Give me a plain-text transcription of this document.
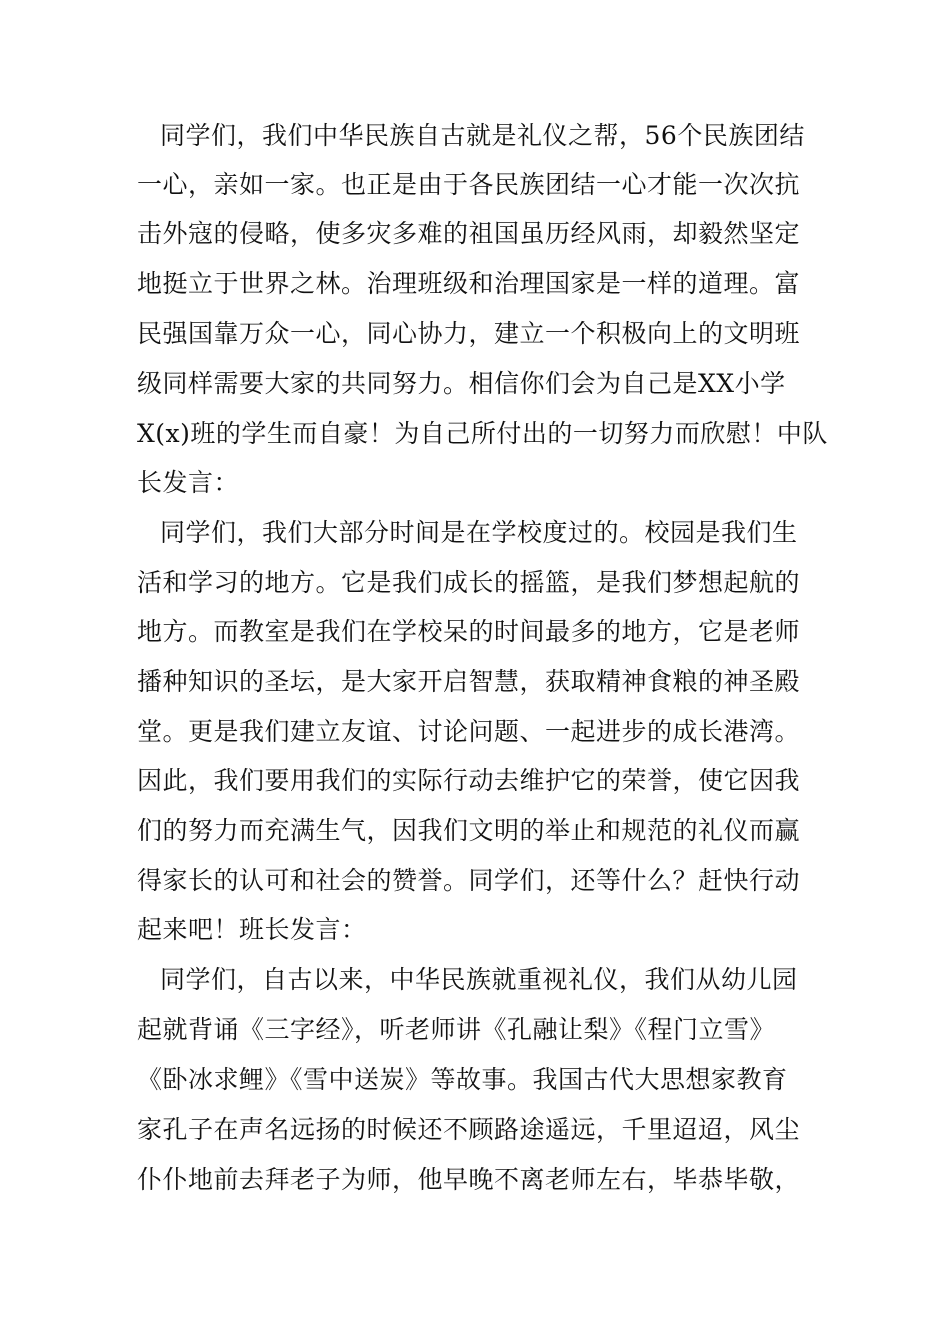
同学们，我们中华民族自古就是礼仪之帮，56个民族团结
一心，亲如一家。也正是由于各民族团结一心才能一次次抗
击外寇的侵略，使多灾多难的祖国虽历经风雨，却毅然坚定
地挺立于世界之林。治理班级和治理国家是一样的道理。富
民强国靠万众一心，同心协力，建立一个积极向上的文明班
级同样需要大家的共同努力。相信你们会为自己是XX小学
X(x)班的学生而自豪！为自己所付出的一切努力而欣慰！中队
长发言：
同学们，我们大部分时间是在学校度过的。校园是我们生
活和学习的地方。它是我们成长的摇篮，是我们梦想起航的
地方。而教室是我们在学校呆的时间最多的地方，它是老师
播种知识的圣坛，是大家开启智慧，获取精神食粮的神圣殿
堂。更是我们建立友谊、讨论问题、一起进步的成长港湾。
因此，我们要用我们的实际行动去维护它的荣誉，使它因我
们的努力而充满生气，因我们文明的举止和规范的礼仪而赢
得家长的认可和社会的赞誉。同学们，还等什么？赶快行动
起来吧！班长发言：
同学们，自古以来，中华民族就重视礼仪，我们从幼儿园
起就背诵《三字经》，听老师讲《孔融让梨》《程门立雪》
《卧冰求鲤》《雪中送炭》等故事。我国古代大思想家教育
家孔子在声名远扬的时候还不顾路途遥远，千里迢迢，风尘
仆仆地前去拜老子为师，他早晚不离老师左右，毕恭毕敬，
